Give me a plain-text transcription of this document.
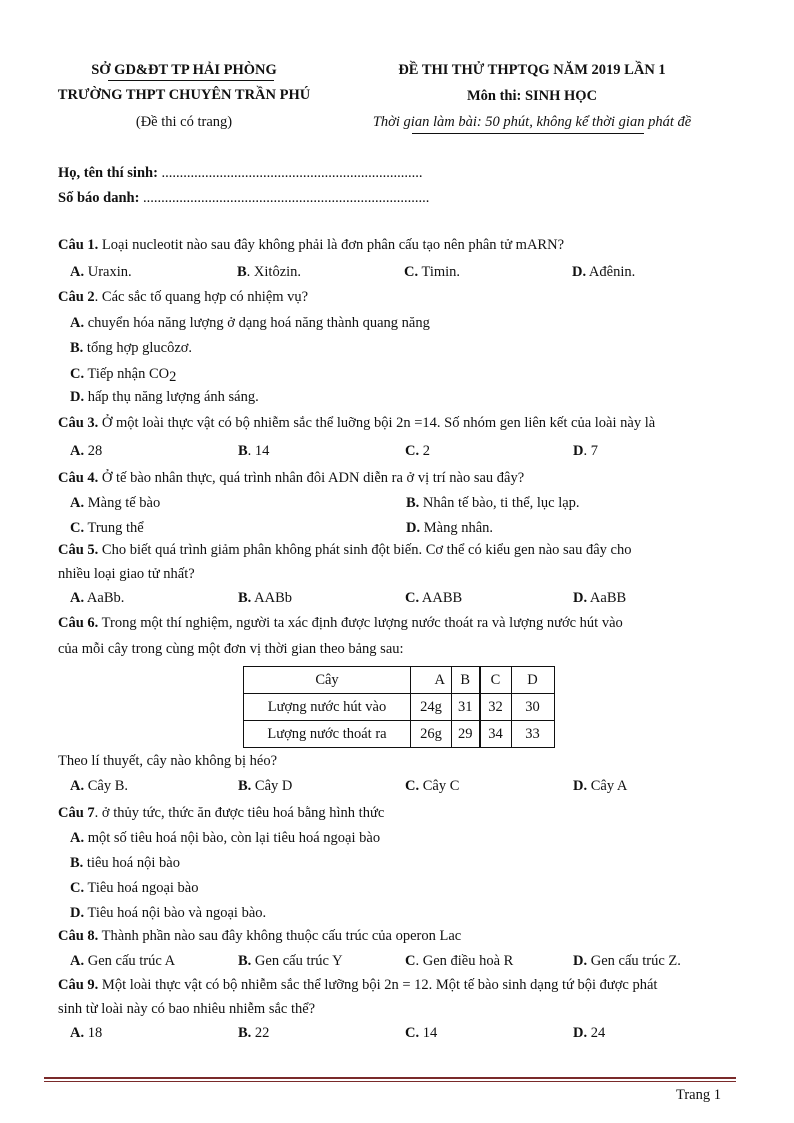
SỞ GD&ĐT TP HẢI PHÒNG
TRƯỜNG THPT CHUYÊN TRẦN PHÚ
(Đề thi có trang)
ĐỀ THI THỬ THPTQG NĂM 2019 LẦN 1
Môn thi: SINH HỌC
Thời gian làm bài: 50 phút, không kể thời gian phát đề
Họ, tên thí sinh: ........................................................................
Số báo danh: ...............................................................................
Câu 1. Loại nucleotit nào sau đây không phải là đơn phân cấu tạo nên phân tử mARN?
A. Uraxin.	B. Xitôzin.	C. Timin.	D. Ađênin.
Câu 2. Các sắc tố quang hợp có nhiệm vụ?
A. chuyển hóa năng lượng ở dạng hoá năng thành quang năng
B. tổng hợp glucôzơ.
C. Tiếp nhận CO2
D. hấp thụ năng lượng ánh sáng.
Câu 3. Ở một loài thực vật có bộ nhiễm sắc thể luỡng bội 2n =14. Số nhóm gen liên kết của loài này là
A. 28	B. 14	C. 2	D. 7
Câu 4. Ở tế bào nhân thực, quá trình nhân đôi ADN diễn ra ở vị trí nào sau đây?
A. Màng tế bào	B. Nhân tế bào, ti thể, lục lạp.
C. Trung thể	D. Màng nhân.
Câu 5. Cho biết quá trình giảm phân không phát sinh đột biến. Cơ thể có kiểu gen nào sau đây cho
nhiều loại giao tử nhất?
A. AaBb.	B. AABb	C. AABB	D. AaBB
Câu 6. Trong một thí nghiệm, người ta xác định được lượng nước thoát ra và lượng nước hút vào
của mỗi cây trong cùng một đơn vị thời gian theo bảng sau:
Cây	A	B	C	D
Lượng nước hút vào	24g	31	32	30
Lượng nước thoát ra	26g	29	34	33
Theo lí thuyết, cây nào không bị héo?
A. Cây B.	B. Cây D	C. Cây C	D. Cây A
Câu 7. ở thủy tức, thức ăn được tiêu hoá bằng hình thức
A. một số tiêu hoá nội bào, còn lại tiêu hoá ngoại bào
B. tiêu hoá nội bào
C. Tiêu hoá ngoại bào
D. Tiêu hoá nội bào và ngoại bào.
Câu 8. Thành phần nào sau đây không thuộc cấu trúc của operon Lac
A. Gen cấu trúc A	B. Gen cấu trúc Y	C. Gen điều hoà R	D. Gen cấu trúc Z.
Câu 9. Một loài thực vật có bộ nhiễm sắc thể lưỡng bội 2n = 12. Một tế bào sinh dạng tứ bội được phát
sinh từ loài này có bao nhiêu nhiễm sắc thể?
A. 18	B. 22	C. 14	D. 24
Trang 1
